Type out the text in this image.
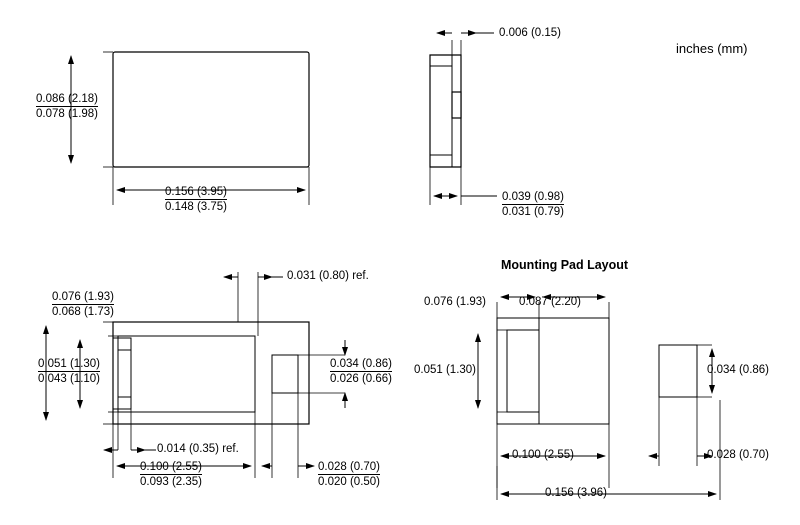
inches (mm)
0.086 (2.18)
0.078 (1.98)
0.156 (3.95)
0.148 (3.75)
0.006 (0.15)
0.039 (0.98)
0.031 (0.79)
0.031 (0.80) ref.
0.076 (1.93)
0.068 (1.73)
0.051 (1.30)
0.043 (1.10)
0.034 (0.86)
0.026 (0.66)
0.014 (0.35) ref.
0.100 (2.55)
0.093 (2.35)
0.028 (0.70)
0.020 (0.50)
Mounting Pad Layout
0.076 (1.93)	0.087 (2.20)
0.051 (1.30)
0.100 (2.55)
0.156 (3.96)
0.034 (0.86)
0.028 (0.70)
